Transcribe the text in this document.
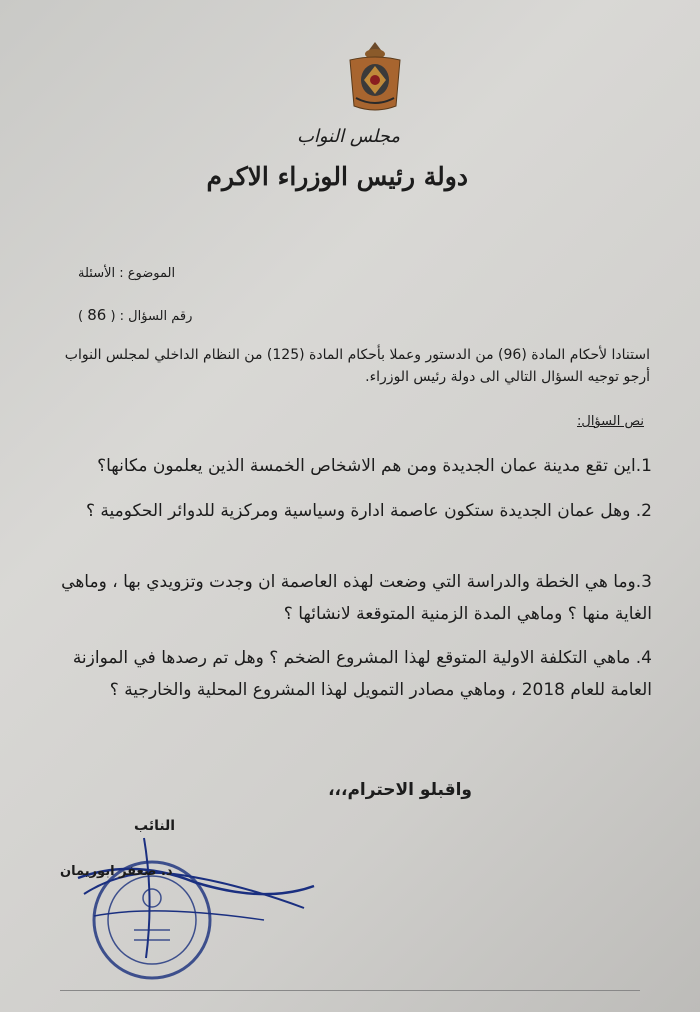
مجلس النواب
دولة رئيس الوزراء الاكرم
الموضوع : الأسئلة
رقم السؤال : ( 86 )
استنادا لأحكام المادة (96) من الدستور وعملا بأحكام المادة (125) من النظام الداخلي لمجلس النواب أرجو توجيه السؤال التالي الى دولة رئيس الوزراء.
نص السؤال:
1.اين تقع مدينة عمان الجديدة ومن هم الاشخاص الخمسة الذين يعلمون مكانها؟
2. وهل عمان الجديدة ستكون عاصمة ادارة وسياسية ومركزية للدوائر الحكومية ؟
3.وما هي الخطة والدراسة التي وضعت لهذه العاصمة ان وجدت وتزويدي بها ، وماهي الغاية منها ؟ وماهي المدة الزمنية المتوقعة لانشائها ؟
4. ماهي التكلفة الاولية المتوقع لهذا المشروع الضخم ؟ وهل تم رصدها في الموازنة العامة للعام 2018 ، وماهي مصادر التمويل لهذا المشروع المحلية والخارجية ؟
واقبلو الاحترام،،،
النائب
د. صعفر ابوريمان
